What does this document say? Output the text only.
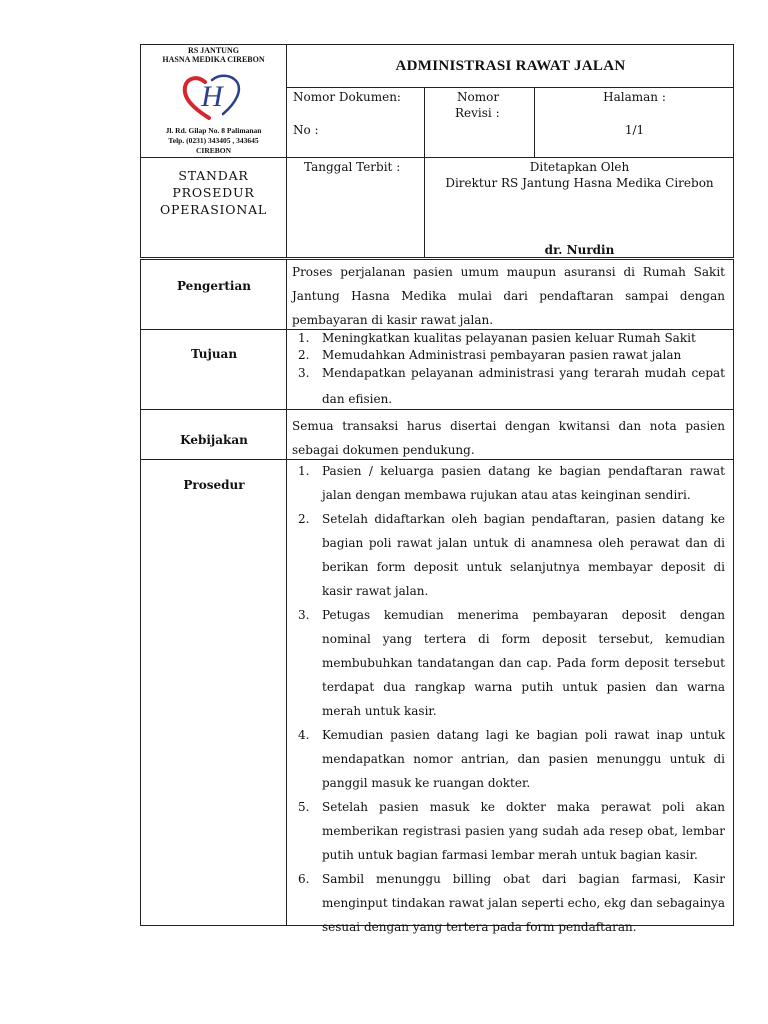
RS JANTUNG
HASNA MEDIKA CIREBON
H
Jl. Rd. Gilap No. 8 Palimanan
Telp. (0231) 343405 , 343645
CIREBON
ADMINISTRASI RAWAT JALAN
Nomor Dokumen:
No :
Nomor
Revisi :
Halaman :
1/1
STANDAR
PROSEDUR
OPERASIONAL
Tanggal Terbit :	Ditetapkan Oleh
Direktur RS Jantung Hasna Medika Cirebon
dr. Nurdin
Pengertian
Proses perjalanan pasien umum maupun asuransi di Rumah Sakit Jantung Hasna Medika mulai dari pendaftaran sampai dengan pembayaran di kasir rawat jalan.
Tujuan
1. Meningkatkan kualitas pelayanan pasien keluar Rumah Sakit
2. Memudahkan Administrasi pembayaran pasien rawat jalan
3. Mendapatkan pelayanan administrasi yang terarah mudah cepat dan efisien.
Kebijakan
Semua transaksi harus disertai dengan kwitansi dan nota pasien sebagai dokumen pendukung.
Prosedur
1. Pasien / keluarga pasien datang ke bagian pendaftaran rawat jalan dengan membawa rujukan atau atas keinginan sendiri.
2. Setelah didaftarkan oleh bagian pendaftaran, pasien datang ke bagian poli rawat jalan untuk di anamnesa oleh perawat dan di berikan form deposit untuk selanjutnya membayar deposit di kasir rawat jalan.
3. Petugas kemudian menerima pembayaran deposit dengan nominal yang tertera di form deposit tersebut, kemudian membubuhkan tandatangan dan cap. Pada form deposit tersebut terdapat dua rangkap warna putih untuk pasien dan warna merah untuk kasir.
4. Kemudian pasien datang lagi ke bagian poli rawat inap untuk mendapatkan nomor antrian, dan pasien menunggu untuk di panggil masuk ke ruangan dokter.
5. Setelah pasien masuk ke dokter maka perawat poli akan memberikan registrasi pasien yang sudah ada resep obat, lembar putih untuk bagian farmasi lembar merah untuk bagian kasir.
6. Sambil menunggu billing obat dari bagian farmasi, Kasir menginput tindakan rawat jalan seperti echo, ekg dan sebagainya sesuai dengan yang tertera pada form pendaftaran.
